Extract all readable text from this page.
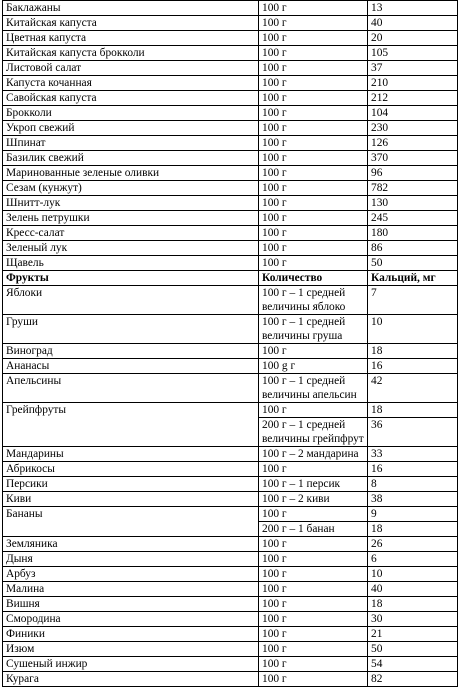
Баклажаны	100 г	13
Китайская капуста	100 г	40
Цветная капуста	100 г	20
Китайская капуста брокколи	100 г	105
Листовой салат	100 г	37
Капуста кочанная	100 г	210
Савойская капуста	100 г	212
Брокколи	100 г	104
Укроп свежий	100 г	230
Шпинат	100 г	126
Базилик свежий	100 г	370
Маринованные зеленые оливки	100 г	96
Сезам (кунжут)	100 г	782
Шнитт-лук	100 г	130
Зелень петрушки	100 г	245
Кресс-салат	100 г	180
Зеленый лук	100 г	86
Щавель	100 г	50
Фрукты	Количество	Кальций, мг
Яблоки	100 г – 1 средней величины яблоко	7
Груши	100 г – 1 средней величины груша	10
Виноград	100 г	18
Ананасы	100 g г	16
Апельсины	100 г – 1 средней величины апельсин	42
Грейпфруты	100 г	18
	200 г – 1 средней величины грейпфрут	36
Мандарины	100 г – 2 мандарина	33
Абрикосы	100 г	16
Персики	100 г – 1 персик	8
Киви	100 г – 2 киви	38
Бананы	100 г	9
	200 г – 1 банан	18
Земляника	100 г	26
Дыня	100 г	6
Арбуз	100 г	10
Малина	100 г	40
Вишня	100 г	18
Смородина	100 г	30
Финики	100 г	21
Изюм	100 г	50
Сушеный инжир	100 г	54
Курага	100 г	82
